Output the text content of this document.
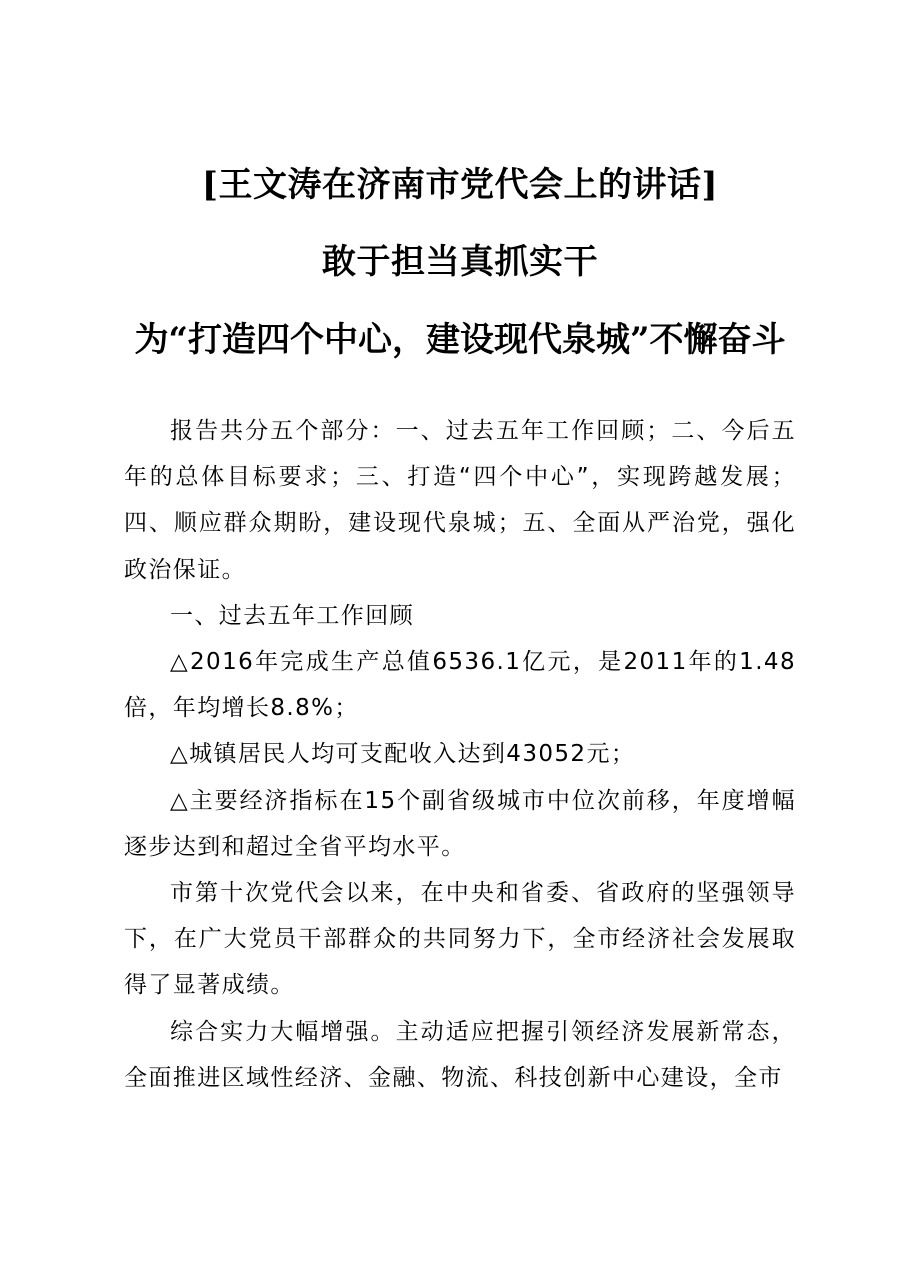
[王文涛在济南市党代会上的讲话]
敢于担当真抓实干
为“打造四个中心，建设现代泉城”不懈奋斗

报告共分五个部分：一、过去五年工作回顾；二、今后五年的总体目标要求；三、打造“四个中心”，实现跨越发展；四、顺应群众期盼，建设现代泉城；五、全面从严治党，强化政治保证。

一、过去五年工作回顾

△2016年完成生产总值6536.1亿元，是2011年的1.48倍，年均增长8.8%；

△城镇居民人均可支配收入达到43052元；

△主要经济指标在15个副省级城市中位次前移，年度增幅逐步达到和超过全省平均水平。

市第十次党代会以来，在中央和省委、省政府的坚强领导下，在广大党员干部群众的共同努力下，全市经济社会发展取得了显著成绩。

综合实力大幅增强。主动适应把握引领经济发展新常态，全面推进区域性经济、金融、物流、科技创新中心建设，全市
